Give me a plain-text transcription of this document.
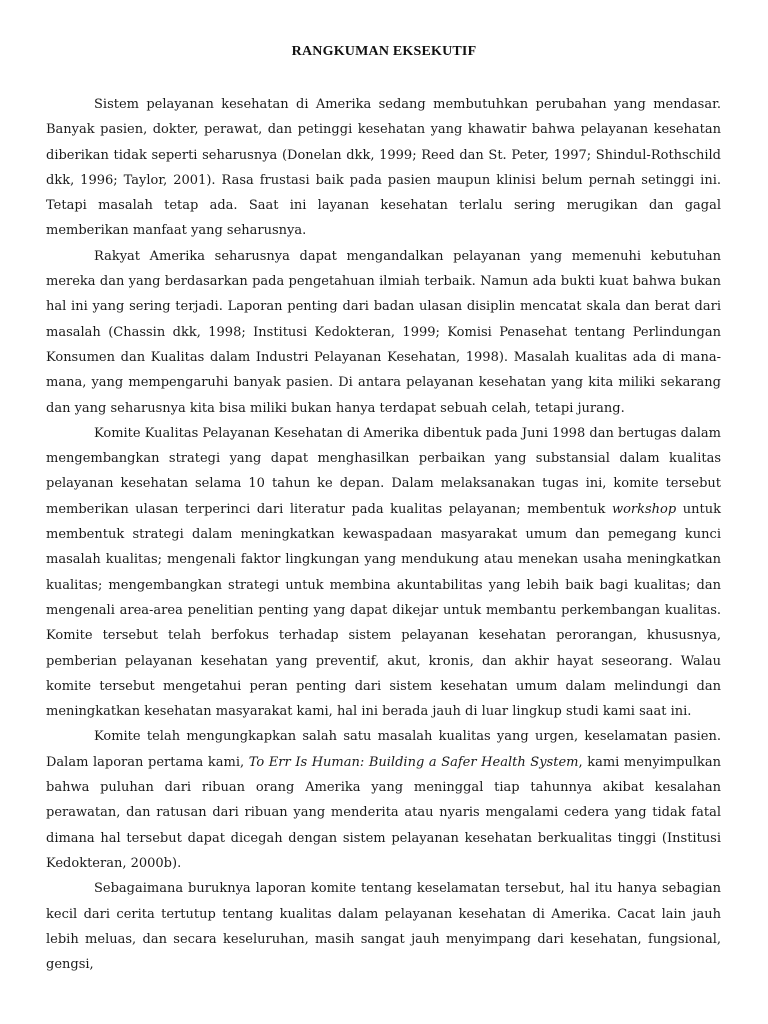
RANGKUMAN EKSEKUTIF

Sistem pelayanan kesehatan di Amerika sedang membutuhkan perubahan yang mendasar. Banyak pasien, dokter, perawat, dan petinggi kesehatan yang khawatir bahwa pelayanan kesehatan diberikan tidak seperti seharusnya (Donelan dkk, 1999; Reed dan St. Peter, 1997; Shindul-Rothschild dkk, 1996; Taylor, 2001). Rasa frustasi baik pada pasien maupun klinisi belum pernah setinggi ini. Tetapi masalah tetap ada. Saat ini layanan kesehatan terlalu sering merugikan dan gagal memberikan manfaat yang seharusnya.

Rakyat Amerika seharusnya dapat mengandalkan pelayanan yang memenuhi kebutuhan mereka dan yang berdasarkan pada pengetahuan ilmiah terbaik. Namun ada bukti kuat bahwa bukan hal ini yang sering terjadi. Laporan penting dari badan ulasan disiplin mencatat skala dan berat dari masalah (Chassin dkk, 1998; Institusi Kedokteran, 1999; Komisi Penasehat tentang Perlindungan Konsumen dan Kualitas dalam Industri Pelayanan Kesehatan, 1998). Masalah kualitas ada di mana-mana, yang mempengaruhi banyak pasien. Di antara pelayanan kesehatan yang kita miliki sekarang dan yang seharusnya kita bisa miliki bukan hanya terdapat sebuah celah, tetapi jurang.

Komite Kualitas Pelayanan Kesehatan di Amerika dibentuk pada Juni 1998 dan bertugas dalam mengembangkan strategi yang dapat menghasilkan perbaikan yang substansial dalam kualitas pelayanan kesehatan selama 10 tahun ke depan. Dalam melaksanakan tugas ini, komite tersebut memberikan ulasan terperinci dari literatur pada kualitas pelayanan; membentuk workshop untuk membentuk strategi dalam meningkatkan kewaspadaan masyarakat umum dan pemegang kunci masalah kualitas; mengenali faktor lingkungan yang mendukung atau menekan usaha meningkatkan kualitas; mengembangkan strategi untuk membina akuntabilitas yang lebih baik bagi kualitas; dan mengenali area-area penelitian penting yang dapat dikejar untuk membantu perkembangan kualitas. Komite tersebut telah berfokus terhadap sistem pelayanan kesehatan perorangan, khususnya, pemberian pelayanan kesehatan yang preventif, akut, kronis, dan akhir hayat seseorang. Walau komite tersebut mengetahui peran penting dari sistem kesehatan umum dalam melindungi dan meningkatkan kesehatan masyarakat kami, hal ini berada jauh di luar lingkup studi kami saat ini.

Komite telah mengungkapkan salah satu masalah kualitas yang urgen, keselamatan pasien. Dalam laporan pertama kami, To Err Is Human: Building a Safer Health System, kami menyimpulkan bahwa puluhan dari ribuan orang Amerika yang meninggal tiap tahunnya akibat kesalahan perawatan, dan ratusan dari ribuan yang menderita atau nyaris mengalami cedera yang tidak fatal dimana hal tersebut dapat dicegah dengan sistem pelayanan kesehatan berkualitas tinggi (Institusi Kedokteran, 2000b).

Sebagaimana buruknya laporan komite tentang keselamatan tersebut, hal itu hanya sebagian kecil dari cerita tertutup tentang kualitas dalam pelayanan kesehatan di Amerika. Cacat lain jauh lebih meluas, dan secara keseluruhan, masih sangat jauh menyimpang dari kesehatan, fungsional, gengsi,
